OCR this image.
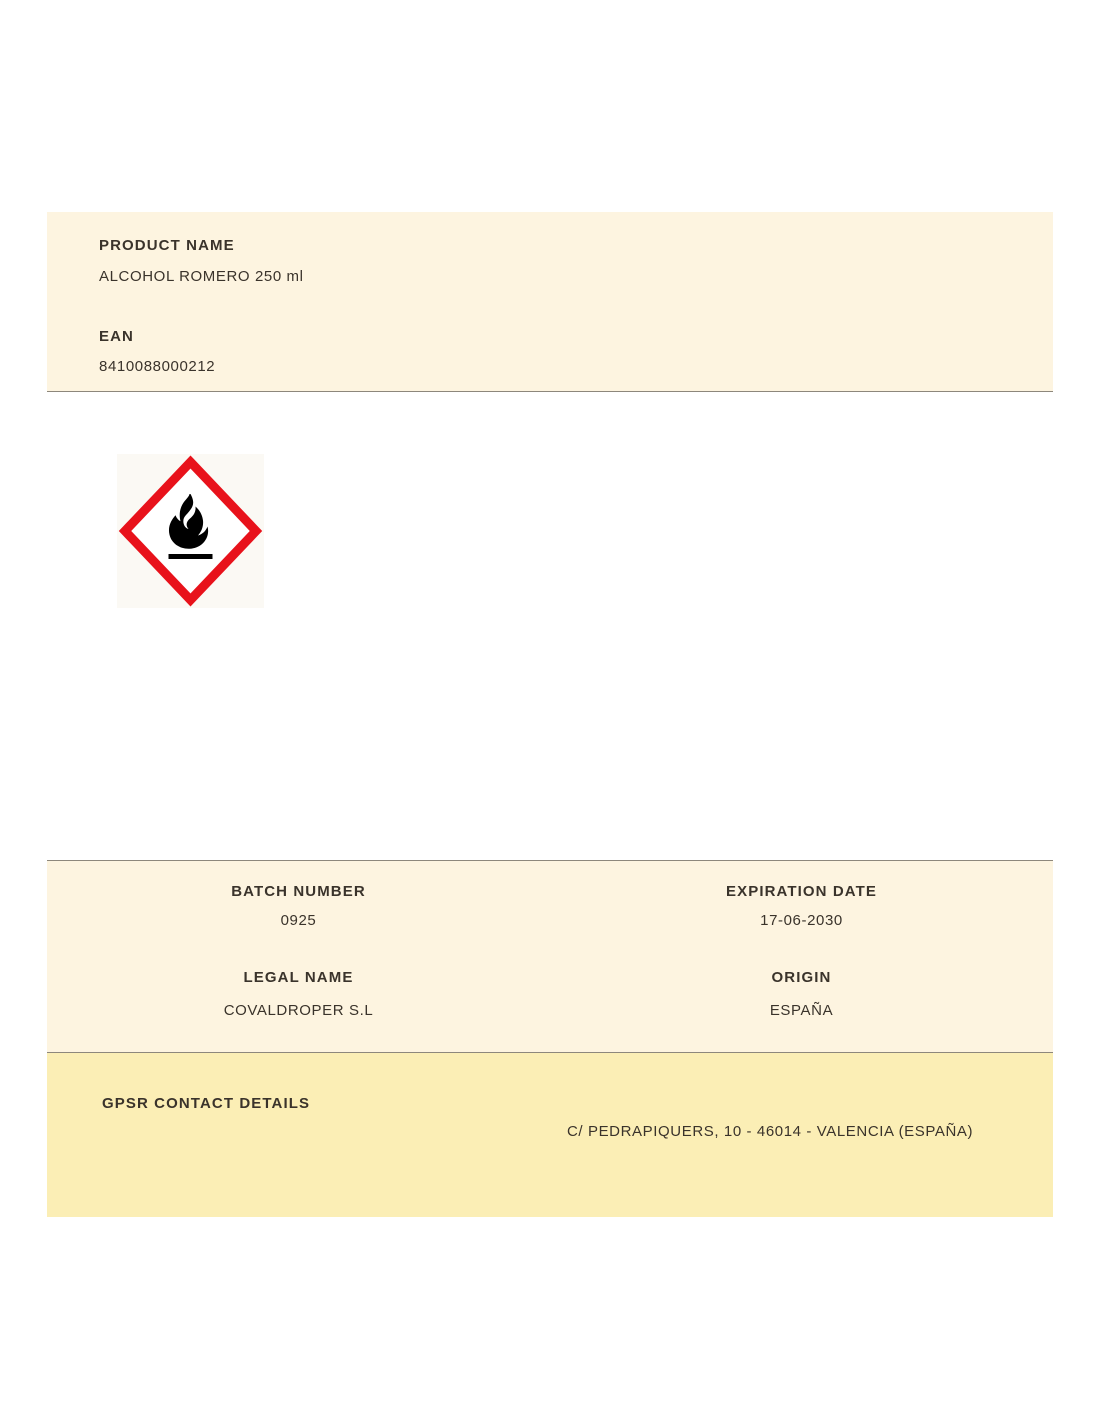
PRODUCT NAME
ALCOHOL ROMERO 250 ml
EAN
8410088000212
BATCH NUMBER
0925
EXPIRATION DATE
17-06-2030
LEGAL NAME
COVALDROPER S.L
ORIGIN
ESPAÑA
GPSR CONTACT DETAILS
C/ PEDRAPIQUERS, 10 - 46014 - VALENCIA (ESPAÑA)
